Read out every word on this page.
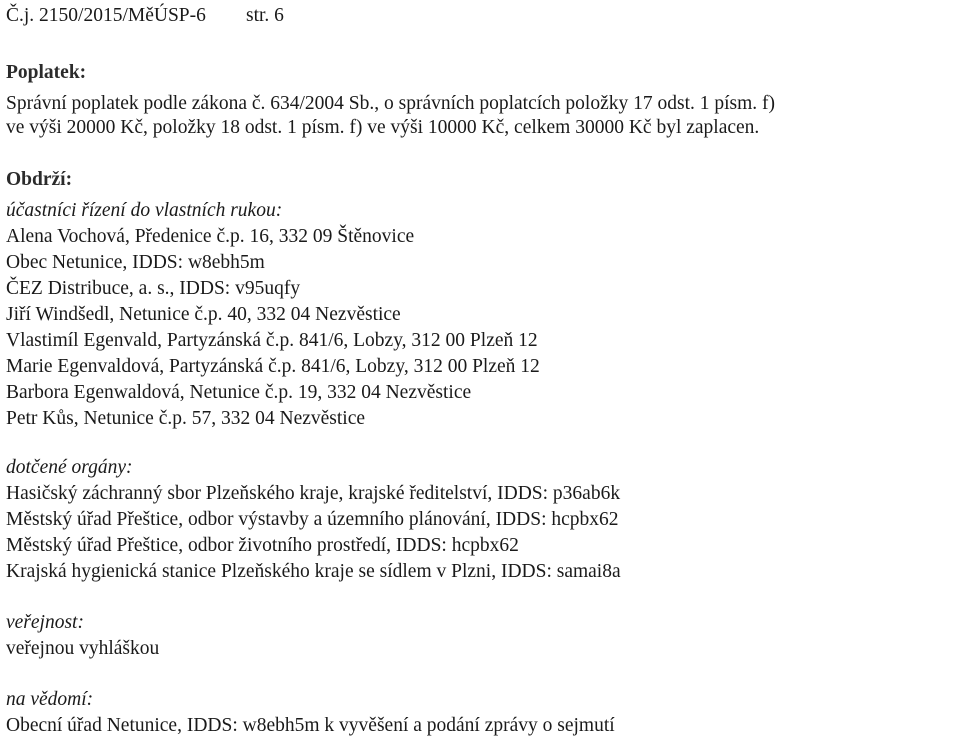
Č.j. 2150/2015/MěÚSP-6 str. 6
Poplatek:
Správní poplatek podle zákona č. 634/2004 Sb., o správních poplatcích položky 17 odst. 1 písm. f)
ve výši 20000 Kč, položky 18 odst. 1 písm. f) ve výši 10000 Kč, celkem 30000 Kč byl zaplacen.
Obdrží:
účastníci řízení do vlastních rukou:
Alena Vochová, Předenice č.p. 16, 332 09 Štěnovice
Obec Netunice, IDDS: w8ebh5m
ČEZ Distribuce, a. s., IDDS: v95uqfy
Jiří Windšedl, Netunice č.p. 40, 332 04 Nezvěstice
Vlastimíl Egenvald, Partyzánská č.p. 841/6, Lobzy, 312 00 Plzeň 12
Marie Egenvaldová, Partyzánská č.p. 841/6, Lobzy, 312 00 Plzeň 12
Barbora Egenwaldová, Netunice č.p. 19, 332 04 Nezvěstice
Petr Kůs, Netunice č.p. 57, 332 04 Nezvěstice
dotčené orgány:
Hasičský záchranný sbor Plzeňského kraje, krajské ředitelství, IDDS: p36ab6k
Městský úřad Přeštice, odbor výstavby a územního plánování, IDDS: hcpbx62
Městský úřad Přeštice, odbor životního prostředí, IDDS: hcpbx62
Krajská hygienická stanice Plzeňského kraje se sídlem v Plzni, IDDS: samai8a
veřejnost:
veřejnou vyhláškou
na vědomí:
Obecní úřad Netunice, IDDS: w8ebh5m k vyvěšení a podání zprávy o sejmutí
